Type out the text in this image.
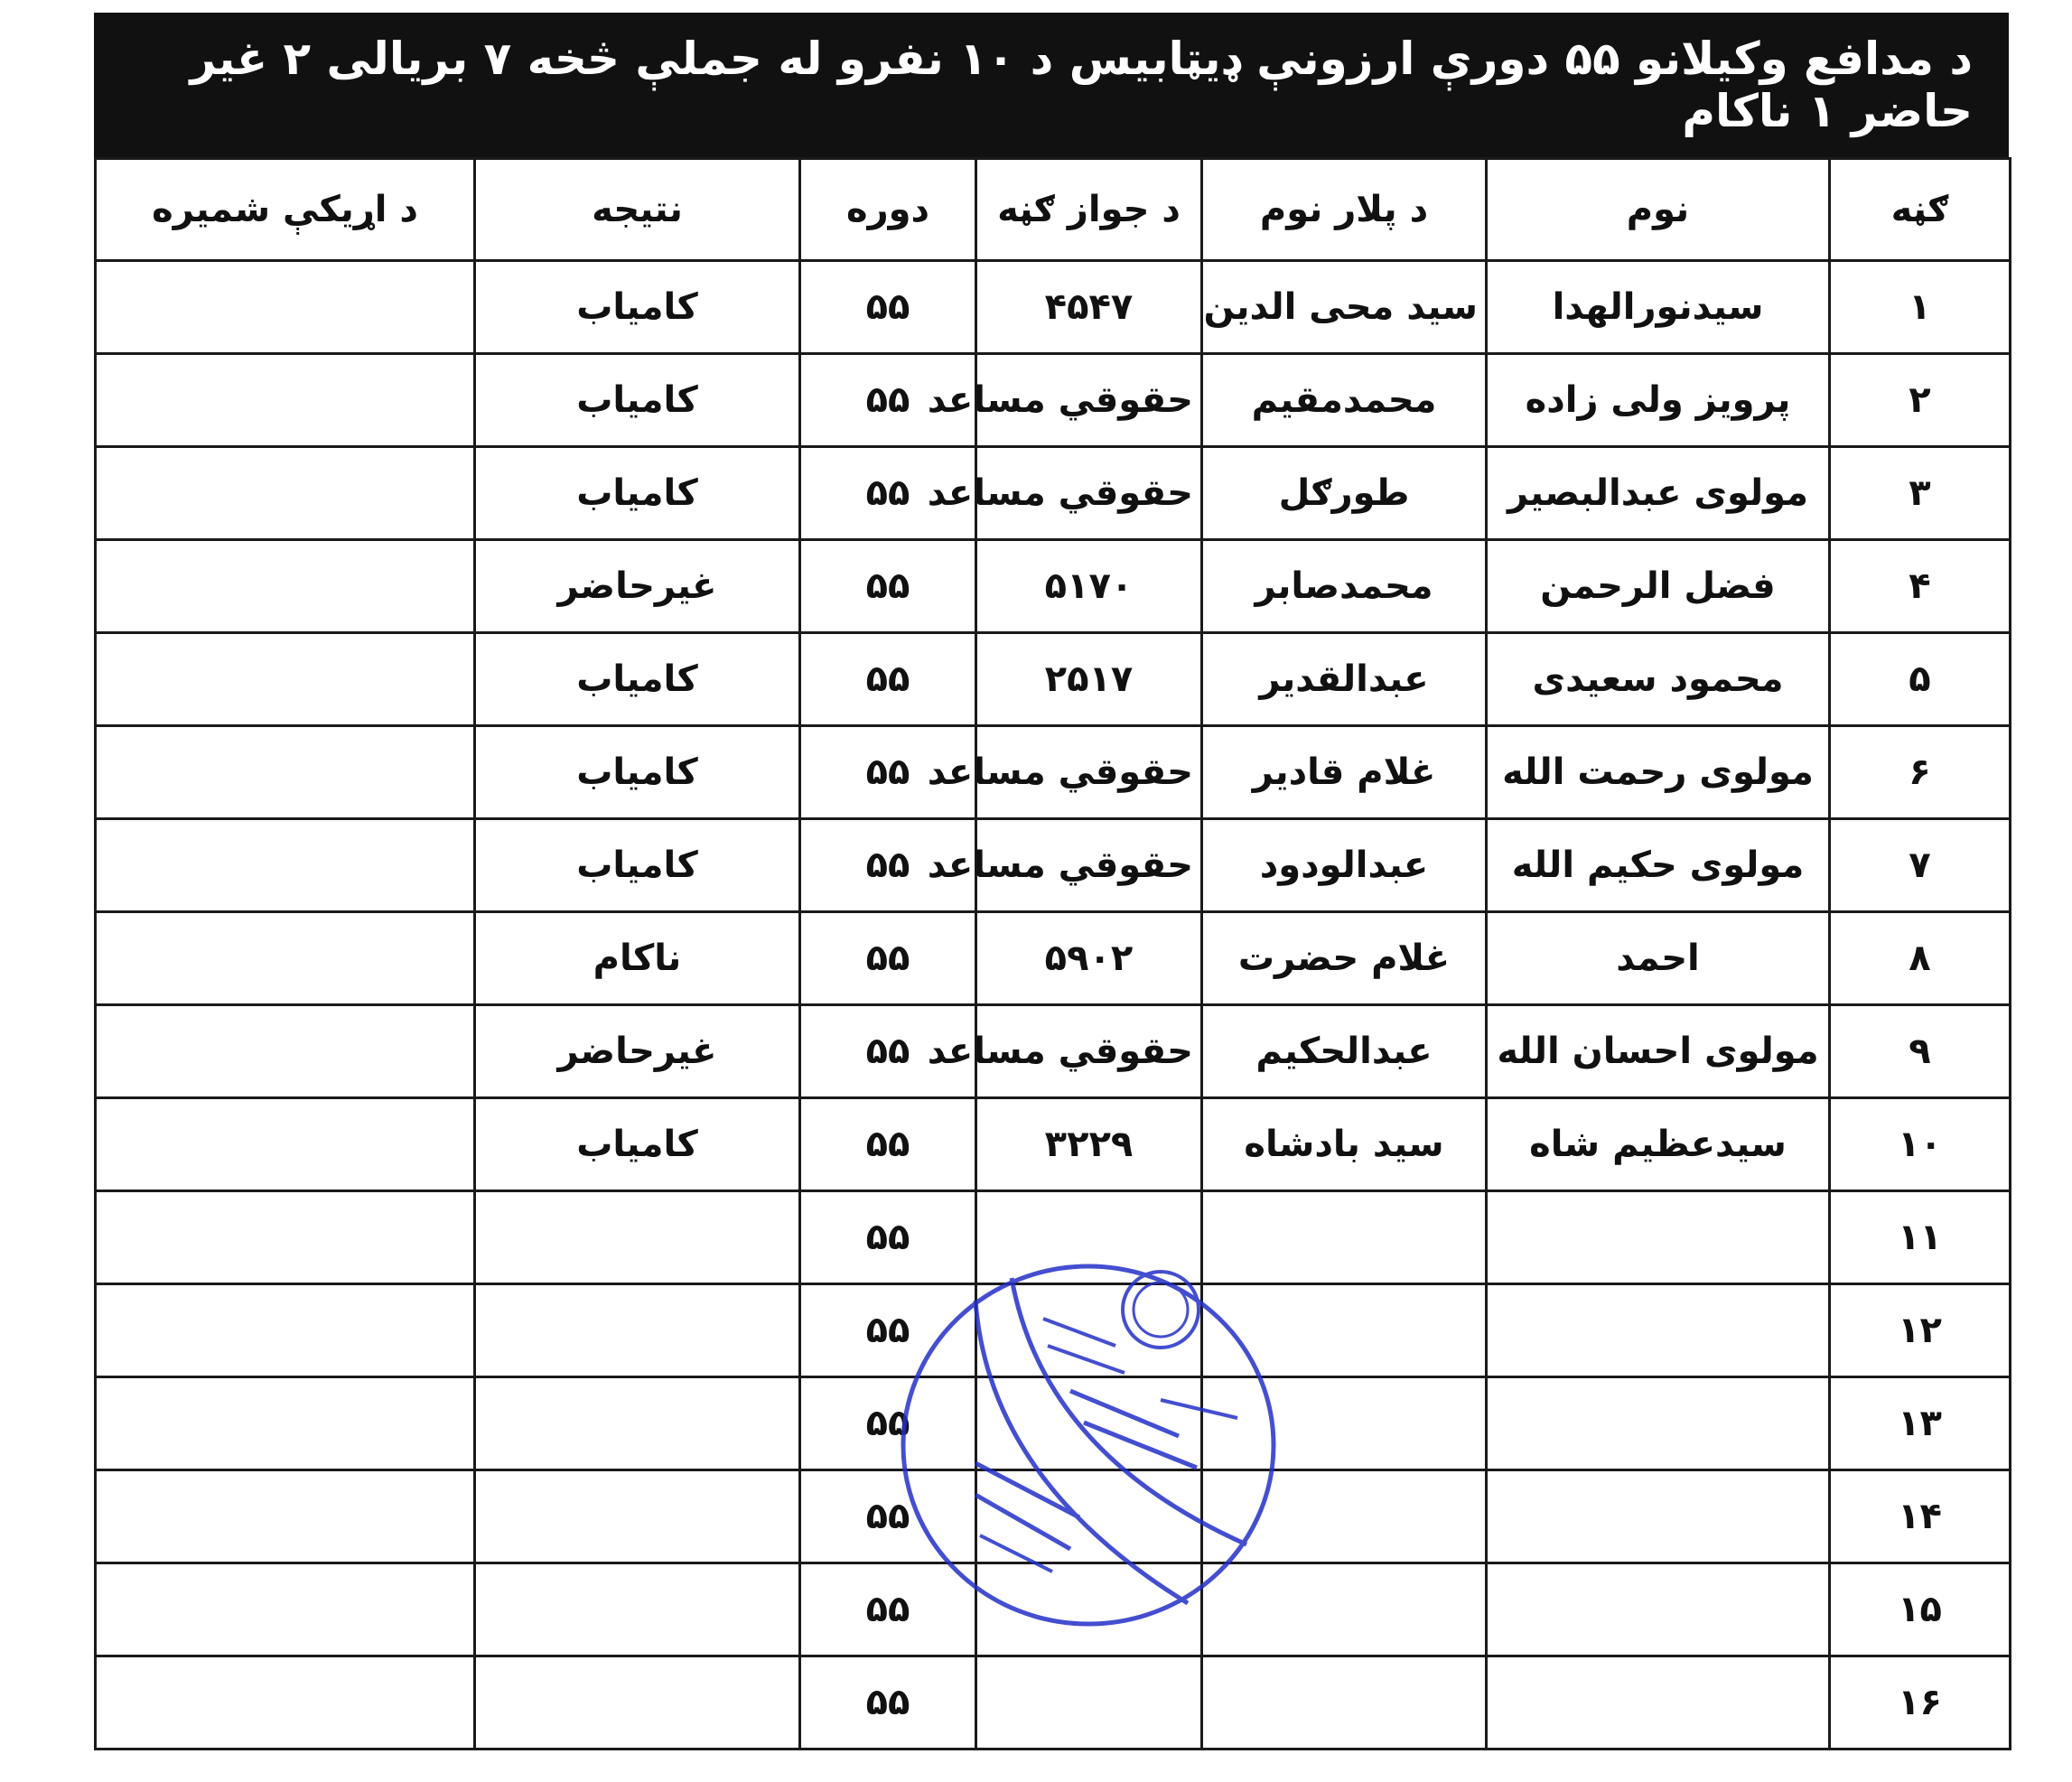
د مدافع وکیلانو ۵۵ دورې ارزونې ډیټابیس د ۱۰ نفرو له جملې څخه ۷ بریالی ۲ غیر حاضر ۱ ناکام
ګڼه	نوم	د پلار نوم	د جواز ګڼه	دوره	نتیجه	د اړیکې شمیره
۱	سیدنورالهدا	سید محی الدین	۴۵۴۷	۵۵	کامیاب	
۲	پرویز ولی زاده	محمدمقیم	حقوقي مساعد	۵۵	کامیاب	
۳	مولوی عبدالبصیر	طورګل	حقوقي مساعد	۵۵	کامیاب	
۴	فضل الرحمن	محمدصابر	۵۱۷۰	۵۵	غیرحاضر	
۵	محمود سعیدی	عبدالقدیر	۲۵۱۷	۵۵	کامیاب	
۶	مولوی رحمت الله	غلام قادیر	حقوقي مساعد	۵۵	کامیاب	
۷	مولوی حکیم الله	عبدالودود	حقوقي مساعد	۵۵	کامیاب	
۸	احمد	غلام حضرت	۵۹۰۲	۵۵	ناکام	
۹	مولوی احسان الله	عبدالحکیم	حقوقي مساعد	۵۵	غیرحاضر	
۱۰	سیدعظیم شاه	سید بادشاه	۳۲۲۹	۵۵	کامیاب	
۱۱				۵۵		
۱۲				۵۵		
۱۳				۵۵		
۱۴				۵۵		
۱۵				۵۵		
۱۶				۵۵		
